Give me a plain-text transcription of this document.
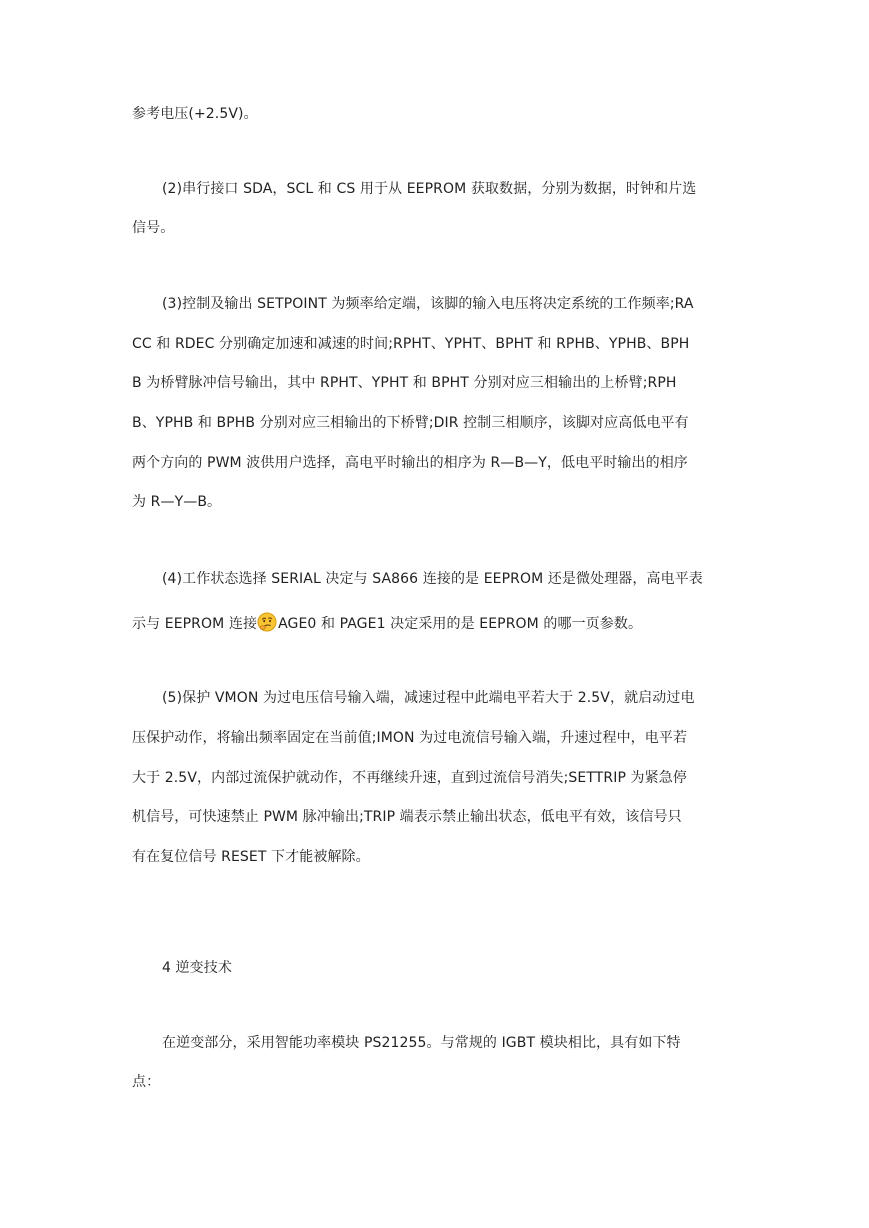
参考电压(+2.5V)。
(2)串行接口 SDA，SCL 和 CS 用于从 EEPROM 获取数据，分别为数据，时钟和片选
信号。
(3)控制及输出 SETPOINT 为频率给定端，该脚的输入电压将决定系统的工作频率;RA
CC 和 RDEC 分别确定加速和减速的时间;RPHT、YPHT、BPHT 和 RPHB、YPHB、BPH
B 为桥臂脉冲信号输出，其中 RPHT、YPHT 和 BPHT 分别对应三相输出的上桥臂;RPH
B、YPHB 和 BPHB 分别对应三相输出的下桥臂;DIR 控制三相顺序，该脚对应高低电平有
两个方向的 PWM 波供用户选择，高电平时输出的相序为 R—B—Y，低电平时输出的相序
为 R—Y—B。
(4)工作状态选择 SERIAL 决定与 SA866 连接的是 EEPROM 还是微处理器，高电平表
示与 EEPROM 连接 AGE0 和 PAGE1 决定采用的是 EEPROM 的哪一页参数。
(5)保护 VMON 为过电压信号输入端，减速过程中此端电平若大于 2.5V，就启动过电
压保护动作，将输出频率固定在当前值;IMON 为过电流信号输入端，升速过程中，电平若
大于 2.5V，内部过流保护就动作，不再继续升速，直到过流信号消失;SETTRIP 为紧急停
机信号，可快速禁止 PWM 脉冲输出;TRIP 端表示禁止输出状态，低电平有效，该信号只
有在复位信号 RESET 下才能被解除。
4 逆变技术
在逆变部分，采用智能功率模块 PS21255。与常规的 IGBT 模块相比，具有如下特
点：
